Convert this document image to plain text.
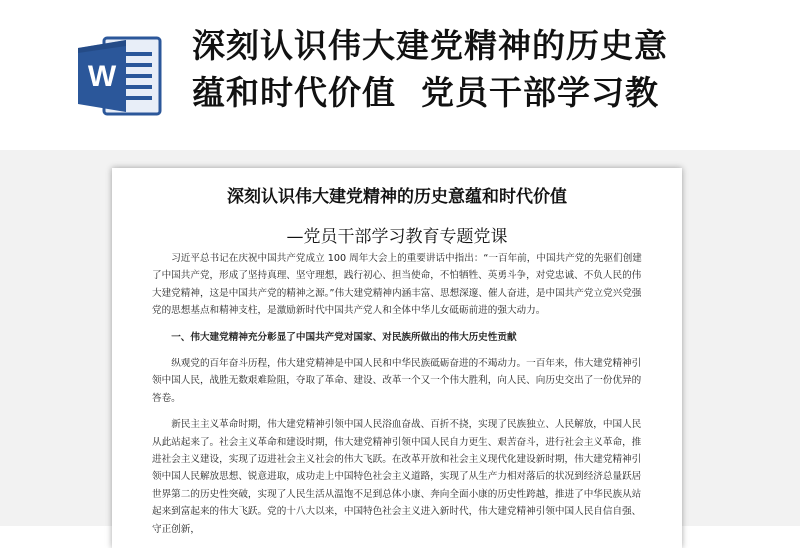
W
深刻认识伟大建党精神的历史意
蕴和时代价值  党员干部学习教
深刻认识伟大建党精神的历史意蕴和时代价值
—党员干部学习教育专题党课

习近平总书记在庆祝中国共产党成立 100 周年大会上的重要讲话中指出：“一百年前，中国共产党的先驱们创建了中国共产党，形成了坚持真理、坚守理想，践行初心、担当使命，不怕牺牲、英勇斗争，对党忠诚、不负人民的伟大建党精神，这是中国共产党的精神之源。”伟大建党精神内涵丰富、思想深邃、催人奋进，是中国共产党立党兴党强党的思想基点和精神支柱，是激励新时代中国共产党人和全体中华儿女砥砺前进的强大动力。

一、伟大建党精神充分彰显了中国共产党对国家、对民族所做出的伟大历史性贡献

纵观党的百年奋斗历程，伟大建党精神是中国人民和中华民族砥砺奋进的不竭动力。一百年来，伟大建党精神引领中国人民，战胜无数艰难险阻，夺取了革命、建设、改革一个又一个伟大胜利，向人民、向历史交出了一份优异的答卷。

新民主主义革命时期，伟大建党精神引领中国人民浴血奋战、百折不挠，实现了民族独立、人民解放，中国人民从此站起来了。社会主义革命和建设时期，伟大建党精神引领中国人民自力更生、艰苦奋斗，进行社会主义革命，推进社会主义建设，实现了迈进社会主义社会的伟大飞跃。在改革开放和社会主义现代化建设新时期，伟大建党精神引领中国人民解放思想、锐意进取，成功走上中国特色社会主义道路，实现了从生产力相对落后的状况到经济总量跃居世界第二的历史性突破，实现了人民生活从温饱不足到总体小康、奔向全面小康的历史性跨越，推进了中华民族从站起来到富起来的伟大飞跃。党的十八大以来，中国特色社会主义进入新时代，伟大建党精神引领中国人民自信自强、守正创新，
